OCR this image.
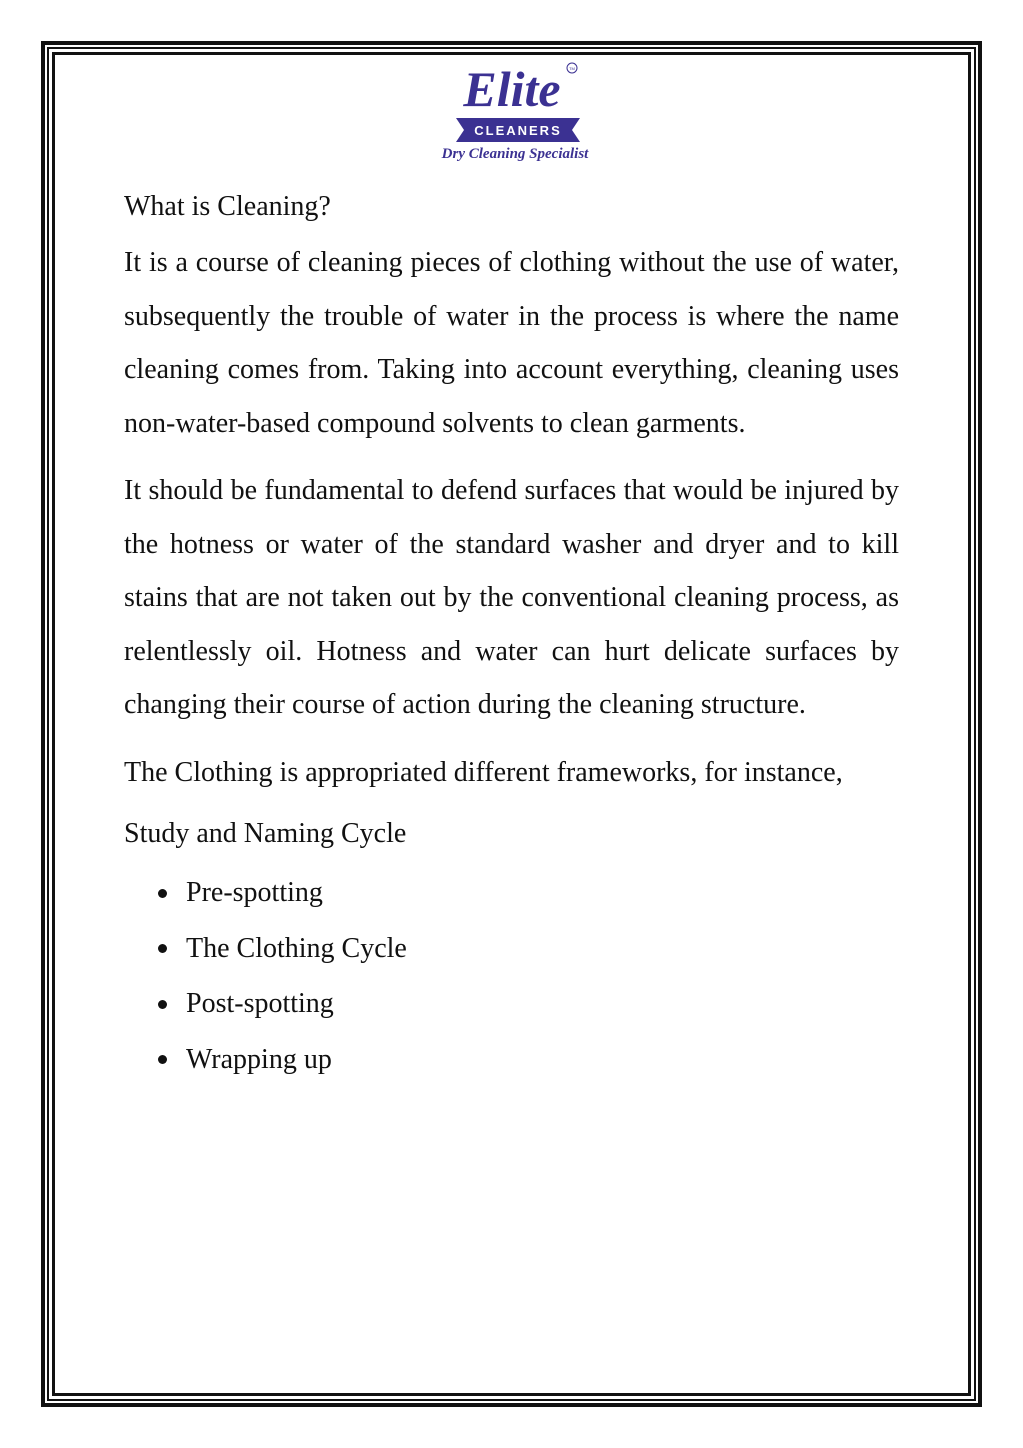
Elite TM
CLEANERS
Dry Cleaning Specialist

What is Cleaning?

It is a course of cleaning pieces of clothing without the use of water, subsequently the trouble of water in the process is where the name cleaning comes from. Taking into account everything, cleaning uses non-water-based compound solvents to clean garments.

It should be fundamental to defend surfaces that would be injured by the hotness or water of the standard washer and dryer and to kill stains that are not taken out by the conventional cleaning process, as relentlessly oil. Hotness and water can hurt delicate surfaces by changing their course of action during the cleaning structure.

The Clothing is appropriated different frameworks, for instance,

Study and Naming Cycle

Pre-spotting
The Clothing Cycle
Post-spotting
Wrapping up
